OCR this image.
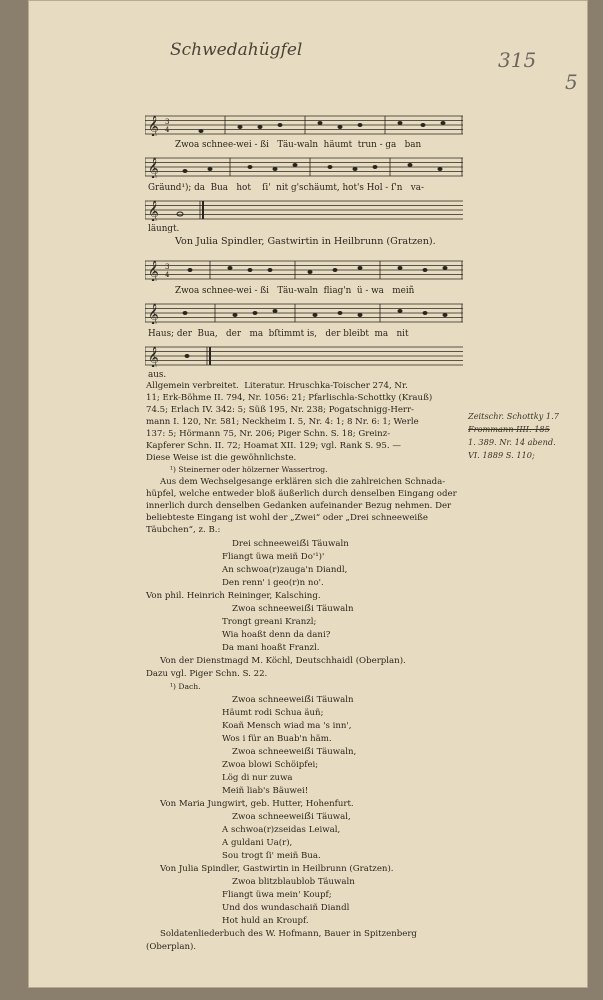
Schwedahügfel	315
5
𝄞 3
4
Zwoa schnee-wei - ßi   Täu-waln  häumt  trun - ga   ban
𝄞
Gräund¹); da  Bua   hot    ſi'  nit g'schäumt, hot's Hol - ſ'n   va-
𝄞
läungt.
Von Julia Spindler, Gastwirtin in Heilbrunn (Gratzen).
𝄞 3
4
Zwoa schnee-wei - ßi   Täu-waln  fliag'n  ü - wa   meiñ
𝄞
Haus; der  Bua,   der   ma  bſtimmt is,   der bleibt  ma   nit
𝄞
aus.
Allgemein verbreitet.  Literatur. Hruschka-Toischer 274, Nr.
11; Erk-Böhme II. 794, Nr. 1056: 21; Pfarlischla-Schottky (Krauß)
74.5; Erlach IV. 342: 5; Süß 195, Nr. 238; Pogatschnigg-Herr-
mann I. 120, Nr. 581; Neckheim I. 5, Nr. 4: 1; 8 Nr. 6: 1; Werle
137: 5; Hörmann 75, Nr. 206; Piger Schn. S. 18; Greinz-
Kapferer Schn. II. 72; Hoamat XII. 129; vgl. Rank S. 95. —
Diese Weise ist die gewöhnlichste.
¹) Steinerner oder hölzerner Wassertrog.
Aus dem Wechselgesange erklären sich die zahlreichen Schnada-
hüpfel, welche entweder bloß äußerlich durch denselben Eingang oder
innerlich durch denselben Gedanken aufeinander Bezug nehmen. Der
beliebteste Eingang ist wohl der „Zwei“ oder „Drei schneeweiße
Täubchen“, z. B.:
Drei schneeweiẞi Täuwaln
Fliangt üwa meiñ Do'¹)'
An schwoa(r)zauga'n Diandl,
Den renn' i geo(r)n no'.
Von phil. Heinrich Reininger, Kalsching.
Zwoa schneeweiẞi Täuwaln
Trongt greani Kranzl;
Wia hoaßt denn da dani?
Da mani hoaßt Franzl.
Von der Dienstmagd M. Köchl, Deutschhaidl (Oberplan).
Dazu vgl. Piger Schn. S. 22.
¹) Dach.
Zwoa schneeweiẞi Täuwaln
Häumt rodi Schua äuñ;
Koañ Mensch wiad ma 's inn',
Wos i für an Buab'n häm.
Zwoa schneeweiẞi Täuwaln,
Zwoa blowi Schöipfei;
Lög di nur zuwa
Meiñ liab's Bäuwei!
Von Maria Jungwirt, geb. Hutter, Hohenfurt.
Zwoa schneeweiẞi Täuwal,
A schwoa(r)zseidas Leiwal,
A guldani Ua(r),
Sou trogt ſi' meiñ Bua.
Von Julia Spindler, Gastwirtin in Heilbrunn (Gratzen).
Zwoa blitzblaublob Täuwaln
Fliangt üwa mein' Koupf;
Und dos wundaschaiñ Diandl
Hot huld an Kroupf.
Soldatenliederbuch des W. Hofmann, Bauer in Spitzenberg
(Oberplan).
Zeitschr. Schottky 1.7
Frommann IIII. 185
1. 389. Nr. 14 abend.
VI. 1889 S. 110;
